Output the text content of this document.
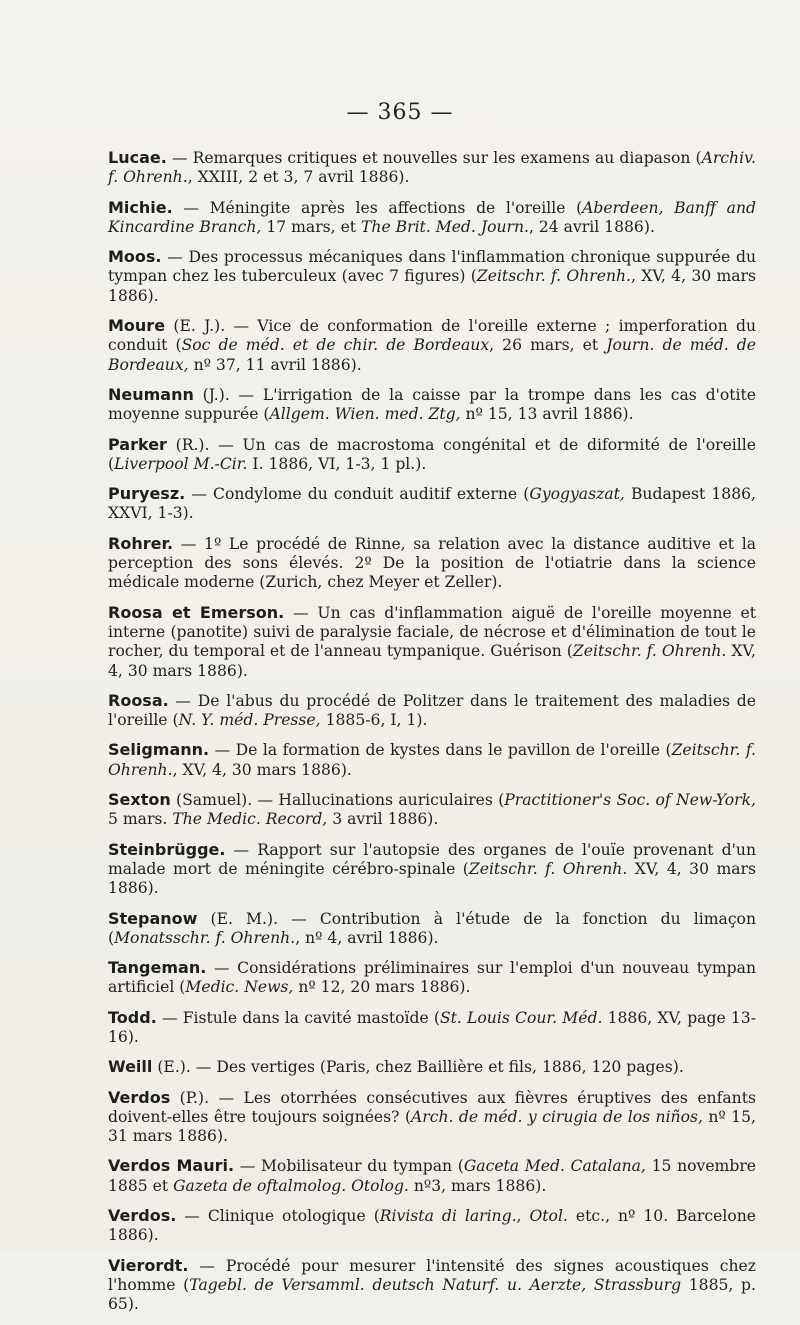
— 365 —

Lucae. — Remarques critiques et nouvelles sur les examens au diapason (Archiv. f. Ohrenh., XXIII, 2 et 3, 7 avril 1886).

Michie. — Méningite après les affections de l'oreille (Aberdeen, Banff and Kincardine Branch, 17 mars, et The Brit. Med. Journ., 24 avril 1886).

Moos. — Des processus mécaniques dans l'inflammation chronique suppurée du tympan chez les tuberculeux (avec 7 figures) (Zeitschr. f. Ohrenh., XV, 4, 30 mars 1886).

Moure (E. J.). — Vice de conformation de l'oreille externe ; imperforation du conduit (Soc de méd. et de chir. de Bordeaux, 26 mars, et Journ. de méd. de Bordeaux, nº 37, 11 avril 1886).

Neumann (J.). — L'irrigation de la caisse par la trompe dans les cas d'otite moyenne suppurée (Allgem. Wien. med. Ztg, nº 15, 13 avril 1886).

Parker (R.). — Un cas de macrostoma congénital et de diformité de l'oreille (Liverpool M.-Cir. I. 1886, VI, 1-3, 1 pl.).

Puryesz. — Condylome du conduit auditif externe (Gyogyaszat, Budapest 1886, XXVI, 1-3).

Rohrer. — 1º Le procédé de Rinne, sa relation avec la distance auditive et la perception des sons élevés. 2º De la position de l'otiatrie dans la science médicale moderne (Zurich, chez Meyer et Zeller).

Roosa et Emerson. — Un cas d'inflammation aiguë de l'oreille moyenne et interne (panotite) suivi de paralysie faciale, de nécrose et d'élimination de tout le rocher, du temporal et de l'anneau tympanique. Guérison (Zeitschr. f. Ohrenh. XV, 4, 30 mars 1886).

Roosa. — De l'abus du procédé de Politzer dans le traitement des maladies de l'oreille (N. Y. méd. Presse, 1885-6, I, 1).

Seligmann. — De la formation de kystes dans le pavillon de l'oreille (Zeitschr. f. Ohrenh., XV, 4, 30 mars 1886).

Sexton (Samuel). — Hallucinations auriculaires (Practitioner's Soc. of New-York, 5 mars. The Medic. Record, 3 avril 1886).

Steinbrügge. — Rapport sur l'autopsie des organes de l'ouïe provenant d'un malade mort de méningite cérébro-spinale (Zeitschr. f. Ohrenh. XV, 4, 30 mars 1886).

Stepanow (E. M.). — Contribution à l'étude de la fonction du limaçon (Monatsschr. f. Ohrenh., nº 4, avril 1886).

Tangeman. — Considérations préliminaires sur l'emploi d'un nouveau tympan artificiel (Medic. News, nº 12, 20 mars 1886).

Todd. — Fistule dans la cavité mastoïde (St. Louis Cour. Méd. 1886, XV, page 13-16).

Weill (E.). — Des vertiges (Paris, chez Baillière et fils, 1886, 120 pages).

Verdos (P.). — Les otorrhées consécutives aux fièvres éruptives des enfants doivent-elles être toujours soignées? (Arch. de méd. y cirugia de los niños, nº 15, 31 mars 1886).

Verdos Mauri. — Mobilisateur du tympan (Gaceta Med. Catalana, 15 novembre 1885 et Gazeta de oftalmolog. Otolog. nº3, mars 1886).

Verdos. — Clinique otologique (Rivista di laring., Otol. etc., nº 10. Barcelone 1886).

Vierordt. — Procédé pour mesurer l'intensité des signes acoustiques chez l'homme (Tagebl. de Versamml. deutsch Naturf. u. Aerzte, Strassburg 1885, p. 65).
